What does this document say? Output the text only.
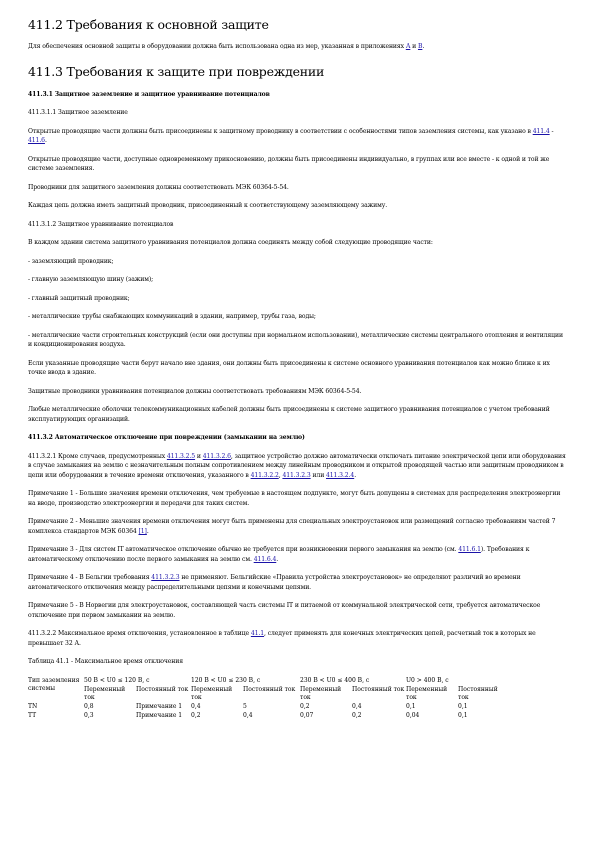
411.2 Требования к основной защите

Для обеспечения основной защиты в оборудовании должна быть использована одна из мер, указанная в приложениях А и В.

411.3 Требования к защите при повреждении

411.3.1 Защитное заземление и защитное уравнивание потенциалов

411.3.1.1 Защитное заземление

Открытые проводящие части должны быть присоединены к защитному проводнику в соответствии с особенностями типов заземления системы, как указано в 411.4 - 411.6.

Открытые проводящие части, доступные одновременному прикосновению, должны быть присоединены индивидуально, в группах или все вместе - к одной и той же системе заземления.

Проводники для защитного заземления должны соответствовать МЭК 60364-5-54.

Каждая цепь должна иметь защитный проводник, присоединенный к соответствующему заземляющему зажиму.

411.3.1.2 Защитное уравнивание потенциалов

В каждом здании система защитного уравнивания потенциалов должна соединять между собой следующие проводящие части:

- заземляющий проводник;

- главную заземляющую шину (зажим);

- главный защитный проводник;

- металлические трубы снабжающих коммуникаций в здании, например, трубы газа, воды;

- металлические части строительных конструкций (если они доступны при нормальном использовании), металлические системы центрального отопления и вентиляции и кондиционирования воздуха.

Если указанные проводящие части берут начало вне здания, они должны быть присоединены к системе основного уравнивания потенциалов как можно ближе к их точке ввода в здание.

Защитные проводники уравнивания потенциалов должны соответствовать требованиям МЭК 60364-5-54.

Любые металлические оболочки телекоммуникационных кабелей должны быть присоединены к системе защитного уравнивания потенциалов с учетом требований эксплуатирующих организаций.

411.3.2 Автоматическое отключение при повреждении (замыкании на землю)

411.3.2.1 Кроме случаев, предусмотренных 411.3.2.5 и 411.3.2.6, защитное устройство должно автоматически отключать питание электрической цепи или оборудования в случае замыкания на землю с незначительным полным сопротивлением между линейным проводником и открытой проводящей частью или защитным проводником в цепи или оборудовании в течение времени отключения, указанного в 411.3.2.2, 411.3.2.3 или 411.3.2.4.

Примечание 1 - Большие значения времени отключения, чем требуемые в настоящем подпункте, могут быть допущены в системах для распределения электроэнергии на вводе, производство электроэнергии и передачи для таких систем.

Примечание 2 - Меньшие значения времени отключения могут быть применены для специальных электроустановок или размещений согласно требованиям частей 7 комплекса стандартов МЭК 60364 [1].

Примечание 3 - Для систем IT автоматическое отключение обычно не требуется при возникновении первого замыкания на землю (см. 411.6.1). Требования к автоматическому отключению после первого замыкания на землю см. 411.6.4.

Примечание 4 - В Бельгии требования 411.3.2.3 не применяют. Бельгийские «Правила устройства электроустановок» не определяют различий во времени автоматического отключения между распределительными цепями и конечными цепями.

Примечание 5 - В Норвегии для электроустановок, составляющей часть системы IT и питаемой от коммунальной электрической сети, требуется автоматическое отключение при первом замыкании на землю.

411.3.2.2 Максимальное время отключения, установленное в таблице 41.1, следует применять для конечных электрических цепей, расчетный ток в которых не превышает 32 А.

Таблица 41.1 - Максимальное время отключения

Тип заземления системы	50 В < U0 ≤ 120 В, с		120 В < U0 ≤ 230 В, с		230 В < U0 ≤ 400 В, с		U0 > 400 В, с	
	Переменный ток	Постоянный ток	Переменный ток	Постоянный ток	Переменный ток	Постоянный ток	Переменный ток	Постоянный ток
TN	0,8	Примечание 1	0,4	5	0,2	0,4	0,1	0,1
TT	0,3	Примечание 1	0,2	0,4	0,07	0,2	0,04	0,1
